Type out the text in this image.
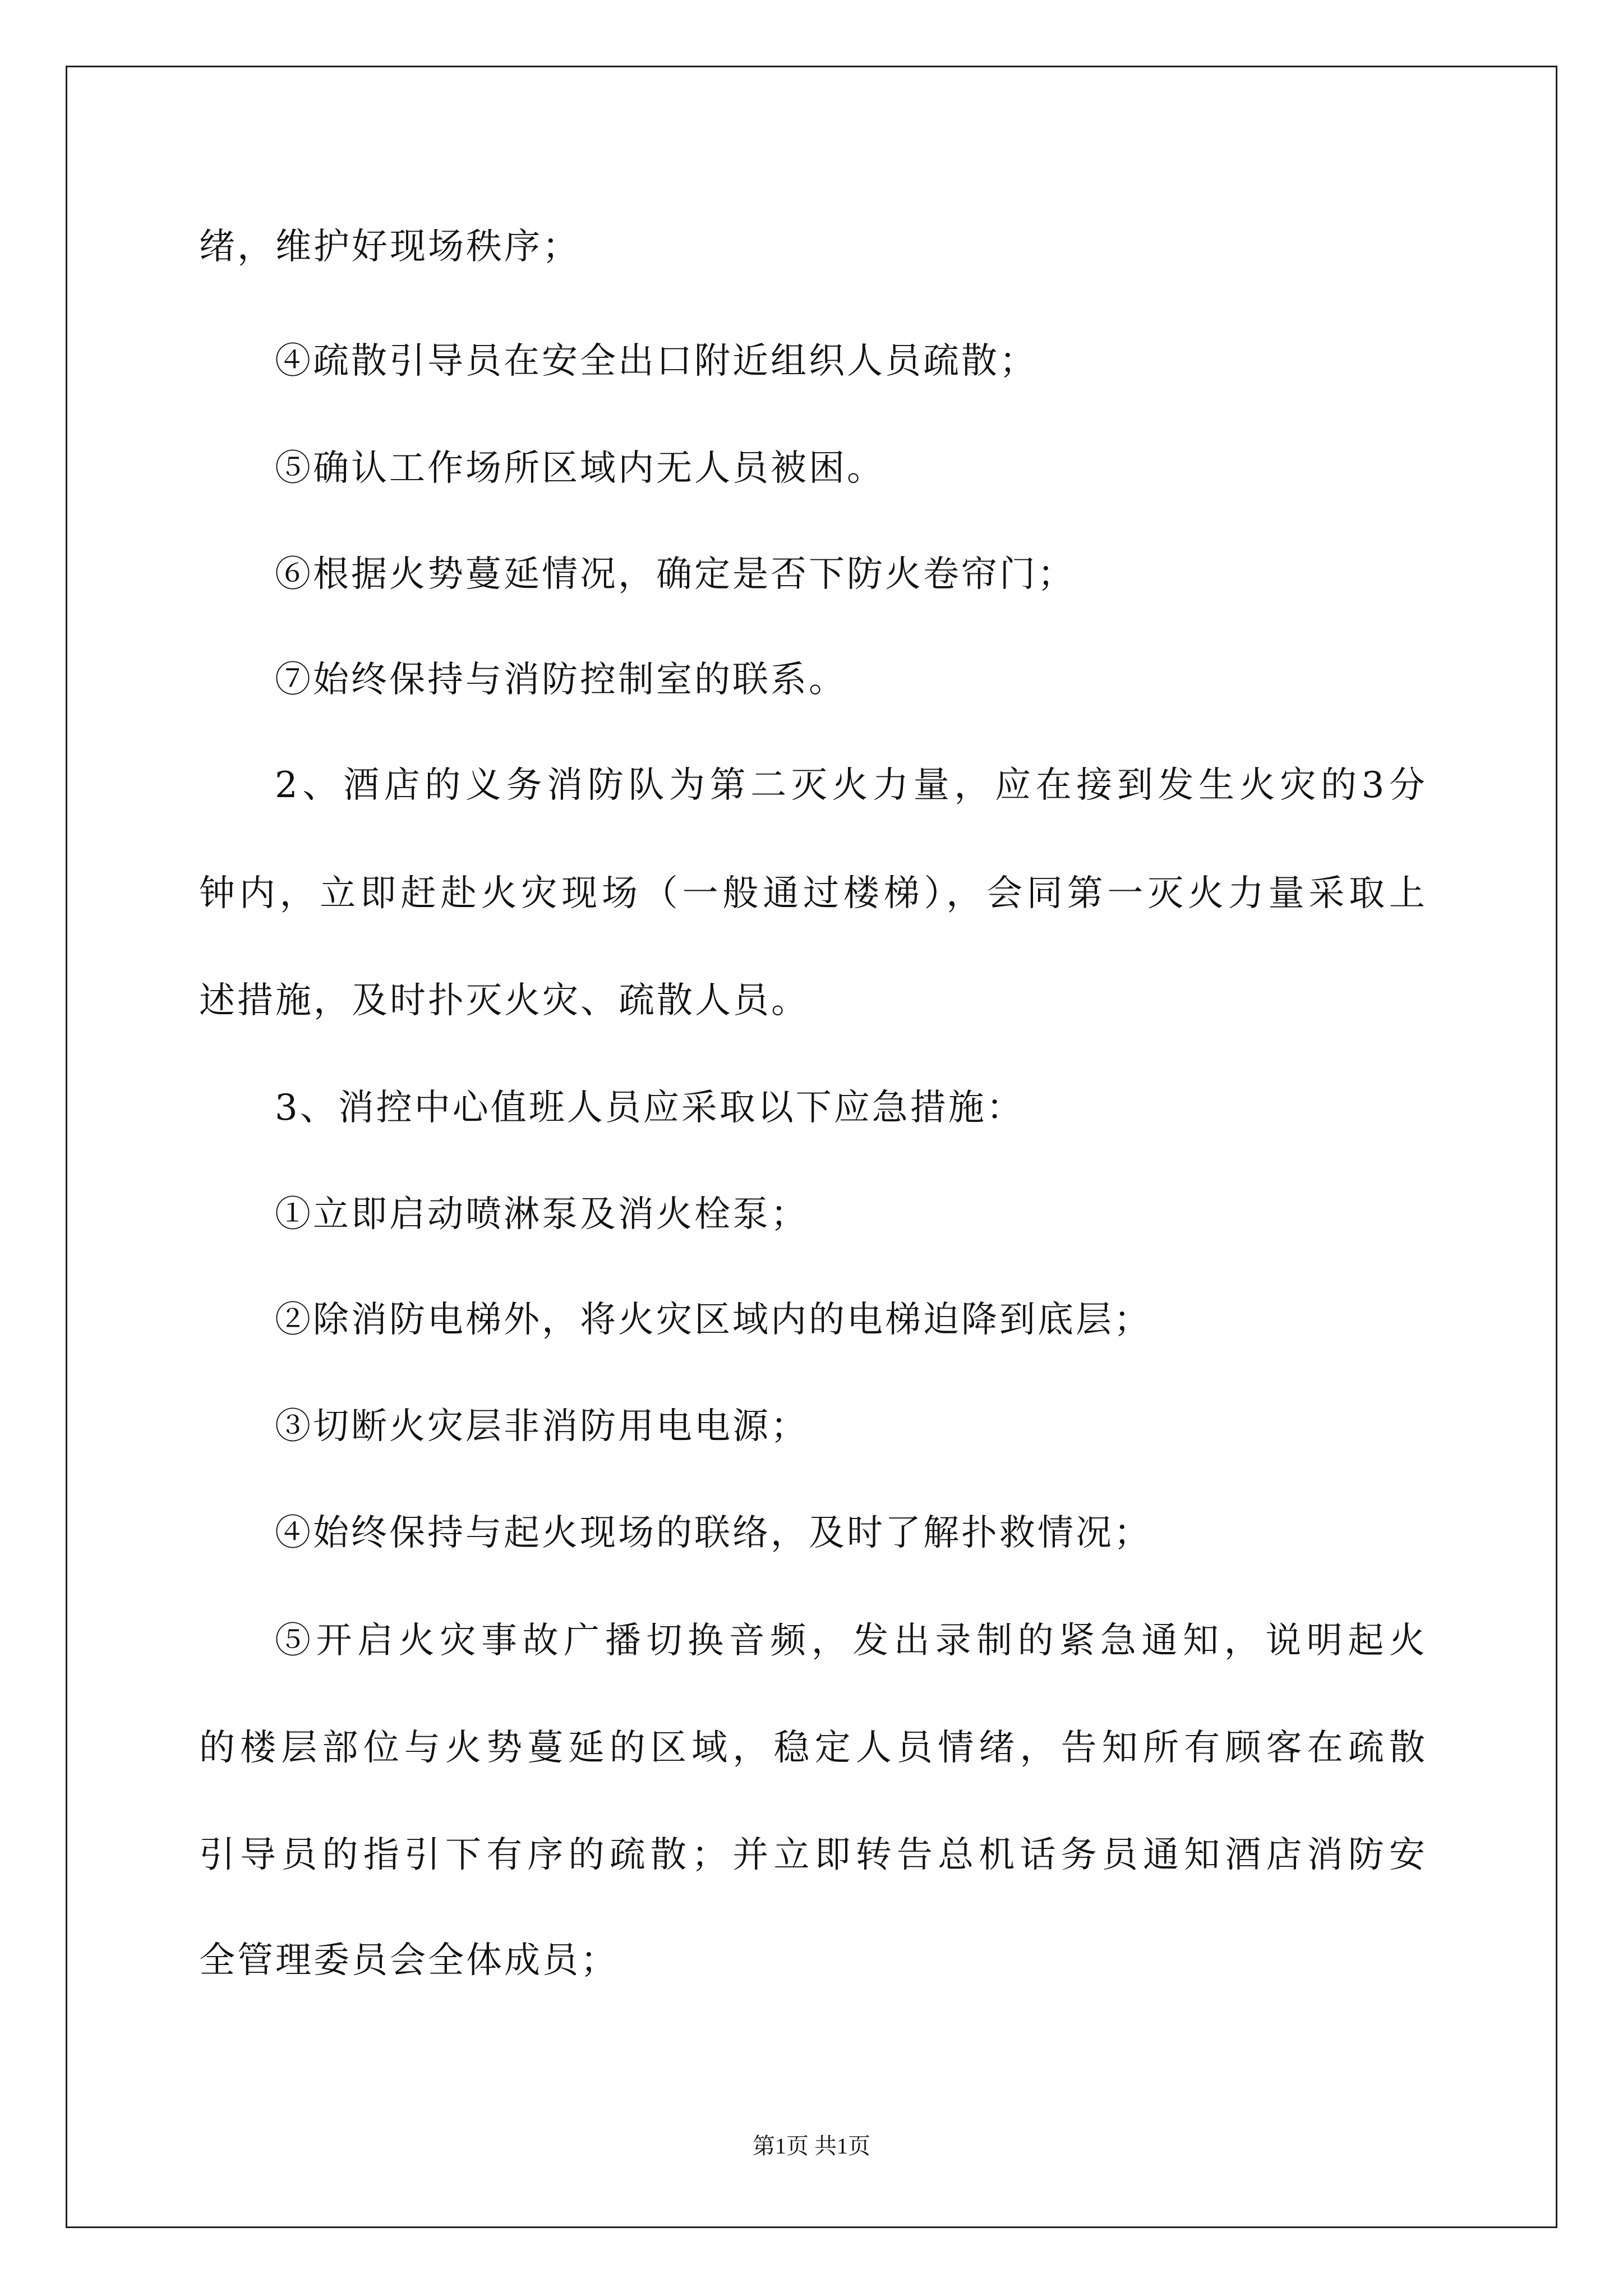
绪，维护好现场秩序；
④疏散引导员在安全出口附近组织人员疏散；
⑤确认工作场所区域内无人员被困。
⑥根据火势蔓延情况，确定是否下防火卷帘门；
⑦始终保持与消防控制室的联系。
2、酒店的义务消防队为第二灭火力量，应在接到发生火灾的3分
钟内，立即赶赴火灾现场（一般通过楼梯），会同第一灭火力量采取上
述措施，及时扑灭火灾、疏散人员。
3、消控中心值班人员应采取以下应急措施：
①立即启动喷淋泵及消火栓泵；
②除消防电梯外，将火灾区域内的电梯迫降到底层；
③切断火灾层非消防用电电源；
④始终保持与起火现场的联络，及时了解扑救情况；
⑤开启火灾事故广播切换音频，发出录制的紧急通知，说明起火
的楼层部位与火势蔓延的区域，稳定人员情绪，告知所有顾客在疏散
引导员的指引下有序的疏散；并立即转告总机话务员通知酒店消防安
全管理委员会全体成员；
第1页 共1页
